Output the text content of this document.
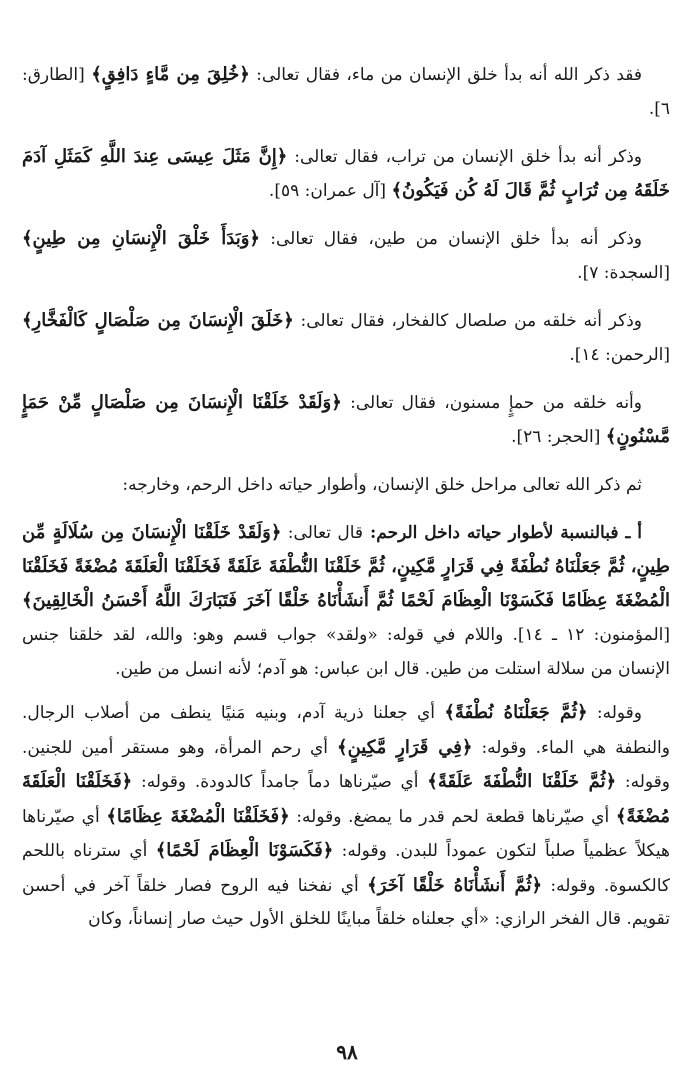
فقد ذكر الله أنه بدأ خلق الإنسان من ماء، فقال تعالى: ﴿خُلِقَ مِن مَّاءٍ دَافِقٍ﴾ [الطارق: ٦].

وذكر أنه بدأ خلق الإنسان من تراب، فقال تعالى: ﴿إِنَّ مَثَلَ عِيسَى عِندَ اللَّهِ كَمَثَلِ آدَمَ خَلَقَهُ مِن تُرَابٍ ثُمَّ قَالَ لَهُ كُن فَيَكُونُ﴾ [آل عمران: ٥٩].

وذكر أنه بدأ خلق الإنسان من طين، فقال تعالى: ﴿وَبَدَأَ خَلْقَ الْإِنسَانِ مِن طِينٍ﴾ [السجدة: ٧].

وذكر أنه خلقه من صلصال كالفخار، فقال تعالى: ﴿خَلَقَ الْإِنسَانَ مِن صَلْصَالٍ كَالْفَخَّارِ﴾ [الرحمن: ١٤].

وأنه خلقه من حمإٍ مسنون، فقال تعالى: ﴿وَلَقَدْ خَلَقْنَا الْإِنسَانَ مِن صَلْصَالٍ مِّنْ حَمَإٍ مَّسْنُونٍ﴾ [الحجر: ٢٦].

ثم ذكر الله تعالى مراحل خلق الإنسان، وأطوار حياته داخل الرحم، وخارجه:

أ ـ فبالنسبة لأطوار حياته داخل الرحم: قال تعالى: ﴿وَلَقَدْ خَلَقْنَا الْإِنسَانَ مِن سُلَالَةٍ مِّن طِينٍ، ثُمَّ جَعَلْنَاهُ نُطْفَةً فِي قَرَارٍ مَّكِينٍ، ثُمَّ خَلَقْنَا النُّطْفَةَ عَلَقَةً فَخَلَقْنَا الْعَلَقَةَ مُضْغَةً فَخَلَقْنَا الْمُضْغَةَ عِظَامًا فَكَسَوْنَا الْعِظَامَ لَحْمًا ثُمَّ أَنشَأْنَاهُ خَلْقًا آخَرَ فَتَبَارَكَ اللَّهُ أَحْسَنُ الْخَالِقِينَ﴾ [المؤمنون: ١٢ ـ ١٤]. واللام في قوله: «ولقد» جواب قسم وهو: والله، لقد خلقنا جنس الإنسان من سلالة استلت من طين. قال ابن عباس: هو آدم؛ لأنه انسل من طين.

وقوله: ﴿ثُمَّ جَعَلْنَاهُ نُطْفَةً﴾ أي جعلنا ذرية آدم، وبنيه مَنيًا ينطف من أصلاب الرجال. والنطفة هي الماء. وقوله: ﴿فِي قَرَارٍ مَّكِينٍ﴾ أي رحم المرأة، وهو مستقر أمين للجنين. وقوله: ﴿ثُمَّ خَلَقْنَا النُّطْفَةَ عَلَقَةً﴾ أي صيّرناها دماً جامداً كالدودة. وقوله: ﴿فَخَلَقْنَا الْعَلَقَةَ مُضْغَةً﴾ أي صيّرناها قطعة لحم قدر ما يمضغ. وقوله: ﴿فَخَلَقْنَا الْمُضْغَةَ عِظَامًا﴾ أي صيّرناها هيكلاً عظمياً صلباً لتكون عموداً للبدن. وقوله: ﴿فَكَسَوْنَا الْعِظَامَ لَحْمًا﴾ أي سترناه باللحم كالكسوة. وقوله: ﴿ثُمَّ أَنشَأْنَاهُ خَلْقًا آخَرَ﴾ أي نفخنا فيه الروح فصار خلقاً آخر في أحسن تقويم. قال الفخر الرازي: «أي جعلناه خلقاً مباينًا للخلق الأول حيث صار إنساناً، وكان

٩٨
